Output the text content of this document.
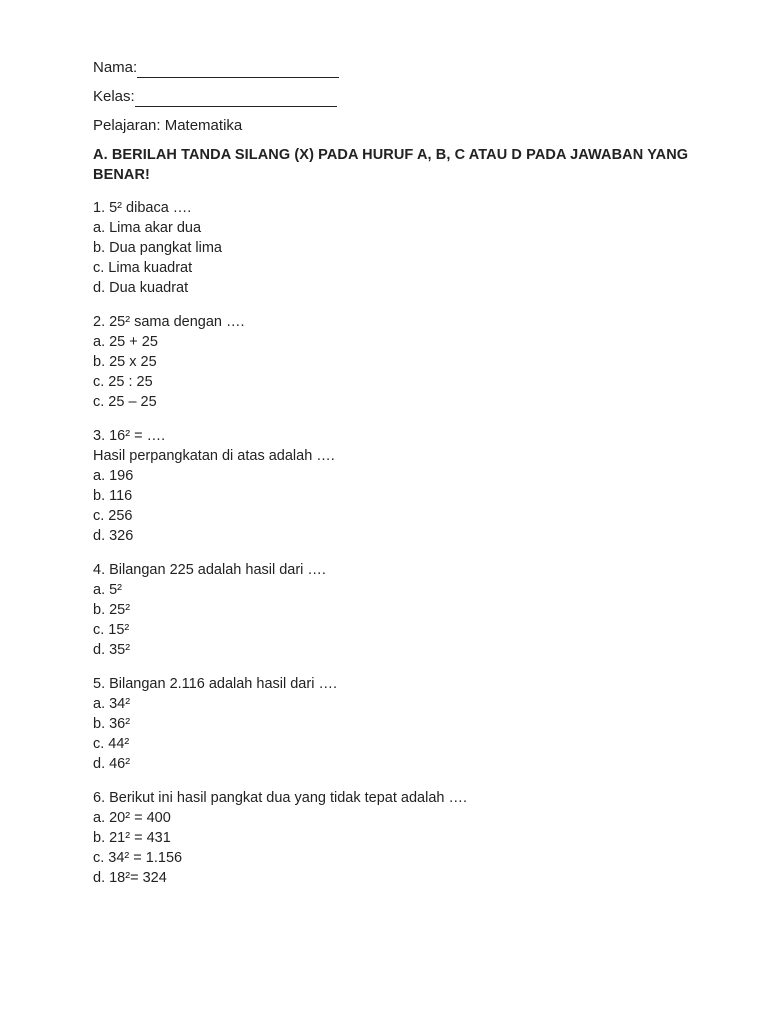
Nama:
Kelas:
Pelajaran: Matematika
A. BERILAH TANDA SILANG (X) PADA HURUF A, B, C ATAU D PADA JAWABAN YANG BENAR!
1. 5² dibaca ….
a. Lima akar dua
b. Dua pangkat lima
c. Lima kuadrat
d. Dua kuadrat
2. 25² sama dengan ….
a. 25 + 25
b. 25 x 25
c. 25 : 25
c. 25 – 25
3. 16² = ….
Hasil perpangkatan di atas adalah ….
a. 196
b. 116
c. 256
d. 326
4. Bilangan 225 adalah hasil dari ….
a. 5²
b. 25²
c. 15²
d. 35²
5. Bilangan 2.116 adalah hasil dari ….
a. 34²
b. 36²
c. 44²
d. 46²
6. Berikut ini hasil pangkat dua yang tidak tepat adalah ….
a. 20² = 400
b. 21² = 431
c. 34² = 1.156
d. 18²= 324
